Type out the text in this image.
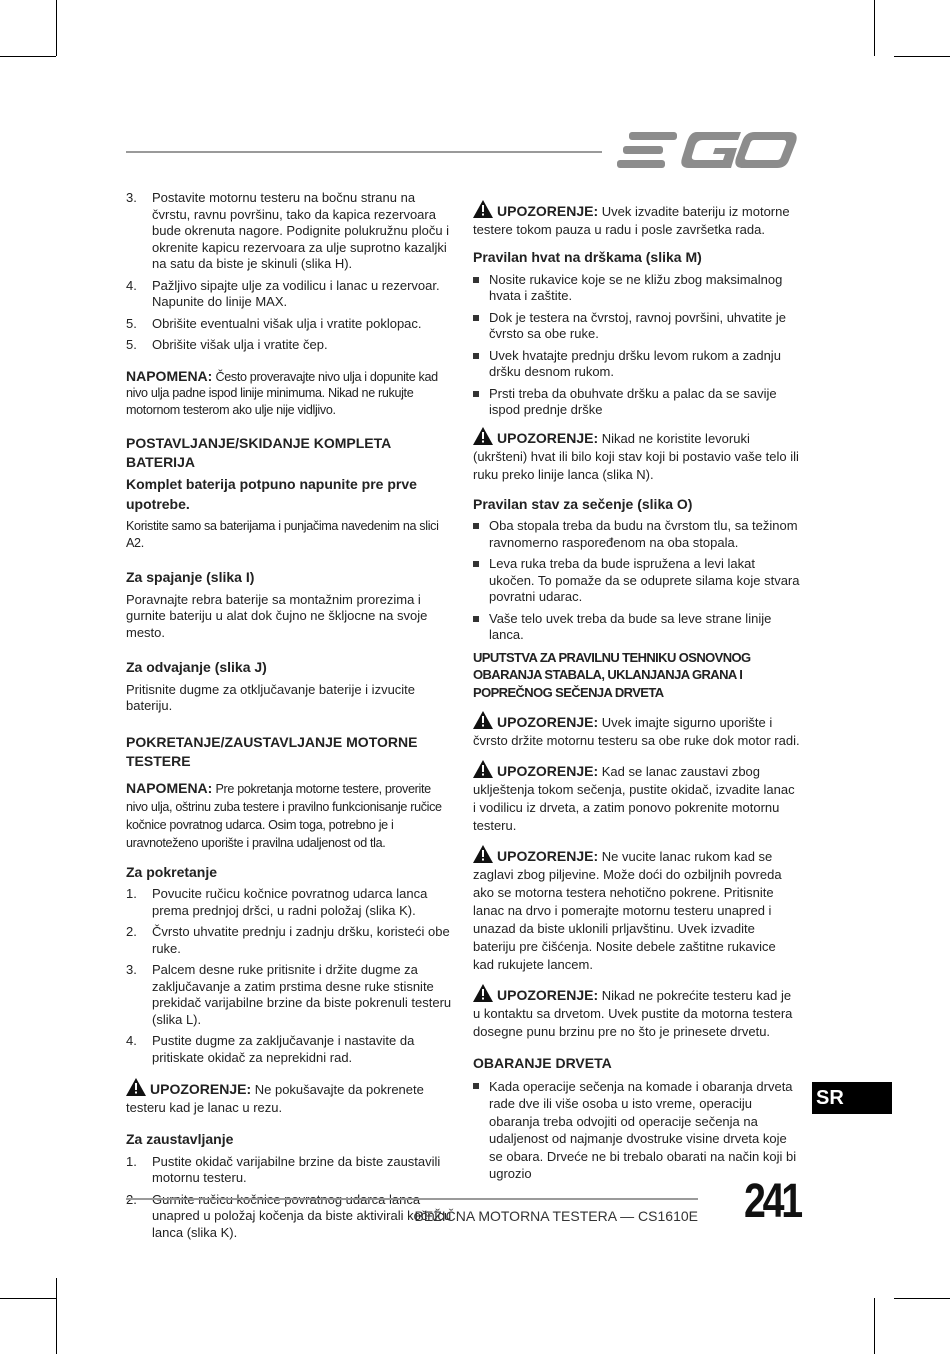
3.	Postavite motornu testeru na bočnu stranu na čvrstu, ravnu površinu, tako da kapica rezervoara bude okrenuta nagore. Podignite polukružnu ploču i okrenite kapicu rezervoara za ulje suprotno kazaljki na satu da biste je skinuli (slika H).
4.	Pažljivo sipajte ulje za vodilicu i lanac u rezervoar. Napunite do linije MAX.
5.	Obrišite eventualni višak ulja i vratite poklopac.
5.	Obrišite višak ulja i vratite čep.

NAPOMENA: Često proveravajte nivo ulja i dopunite kad nivo ulja padne ispod linije minimuma. Nikad ne rukujte motornom testerom ako ulje nije vidljivo.

POSTAVLJANJE/SKIDANJE KOMPLETA BATERIJA
Komplet baterija potpuno napunite pre prve upotrebe.

Koristite samo sa baterijama i punjačima navedenim na slici A2.

Za spajanje (slika I)

Poravnajte rebra baterije sa montažnim prorezima i gurnite bateriju u alat dok čujno ne škljocne na svoje mesto.

Za odvajanje (slika J)

Pritisnite dugme za otključavanje baterije i izvucite bateriju.

POKRETANJE/ZAUSTAVLJANJE MOTORNE TESTERE

NAPOMENA: Pre pokretanja motorne testere, proverite nivo ulja, oštrinu zuba testere i pravilno funkcionisanje ručice kočnice povratnog udarca. Osim toga, potrebno je i uravnoteženo uporište i pravilna udaljenost od tla.

Za pokretanje
1.	Povucite ručicu kočnice povratnog udarca lanca prema prednjoj dršci, u radni položaj (slika K).
2.	Čvrsto uhvatite prednju i zadnju dršku, koristeći obe ruke.
3.	Palcem desne ruke pritisnite i držite dugme za zaključavanje a zatim prstima desne ruke stisnite prekidač varijabilne brzine da biste pokrenuli testeru (slika L).
4.	Pustite dugme za zaključavanje i nastavite da pritiskate okidač za neprekidni rad.

UPOZORENJE: Ne pokušavajte da pokrenete testeru kad je lanac u rezu.

Za zaustavljanje
1.	Pustite okidač varijabilne brzine da biste zaustavili motornu testeru.
unapred u položaj kočenja da biste aktivirali kočnicu lanca (slika K).

UPOZORENJE: Uvek izvadite bateriju iz motorne testere tokom pauza u radu i posle završetka rada.

Pravilan hvat na drškama (slika M)
Nosite rukavice koje se ne kližu zbog maksimalnog hvata i zaštite.
Dok je testera na čvrstoj, ravnoj površini, uhvatite je čvrsto sa obe ruke.
Uvek hvatajte prednju dršku levom rukom a zadnju dršku desnom rukom.
Prsti treba da obuhvate dršku a palac da se savije ispod prednje drške

UPOZORENJE: Nikad ne koristite levoruki (ukršteni) hvat ili bilo koji stav koji bi postavio vaše telo ili ruku preko linije lanca (slika N).

Pravilan stav za sečenje (slika O)
Oba stopala treba da budu na čvrstom tlu, sa težinom ravnomerno raspoređenom na oba stopala.
Leva ruka treba da bude ispružena a levi lakat ukočen. To pomaže da se oduprete silama koje stvara povratni udarac.
Vaše telo uvek treba da bude sa leve strane linije lanca.
UPUTSTVA ZA PRAVILNU TEHNIKU OSNOVNOG OBARANJA STABALA, UKLANJANJA GRANA I POPREČNOG SEČENJA DRVETA

UPOZORENJE: Uvek imajte sigurno uporište i čvrsto držite motornu testeru sa obe ruke dok motor radi.

UPOZORENJE: Kad se lanac zaustavi zbog uklještenja tokom sečenja, pustite okidač, izvadite lanac i vodilicu iz drveta, a zatim ponovo pokrenite motornu testeru.

UPOZORENJE: Ne vucite lanac rukom kad se zaglavi zbog piljevine. Može doći do ozbiljnih povreda ako se motorna testera nehotično pokrene. Pritisnite lanac na drvo i pomerajte motornu testeru unapred i unazad da biste uklonili prljavštinu. Uvek izvadite bateriju pre čišćenja. Nosite debele zaštitne rukavice kad rukujete lancem.

UPOZORENJE: Nikad ne pokrećite testeru kad je u kontaktu sa drvetom. Uvek pustite da motorna testera dosegne punu brzinu pre no što je prinesete drvetu.

OBARANJE DRVETA
Kada operacije sečenja na komade i obaranja drveta rade dve ili više osoba u isto vreme, operaciju obaranja treba odvojiti od operacije sečenja na udaljenost od najmanje dvostruke visine drveta koje se obara. Drveće ne bi trebalo obarati na način koji bi ugrozio
SR
BEŽIČNA MOTORNA TESTERA — CS1610E 241
